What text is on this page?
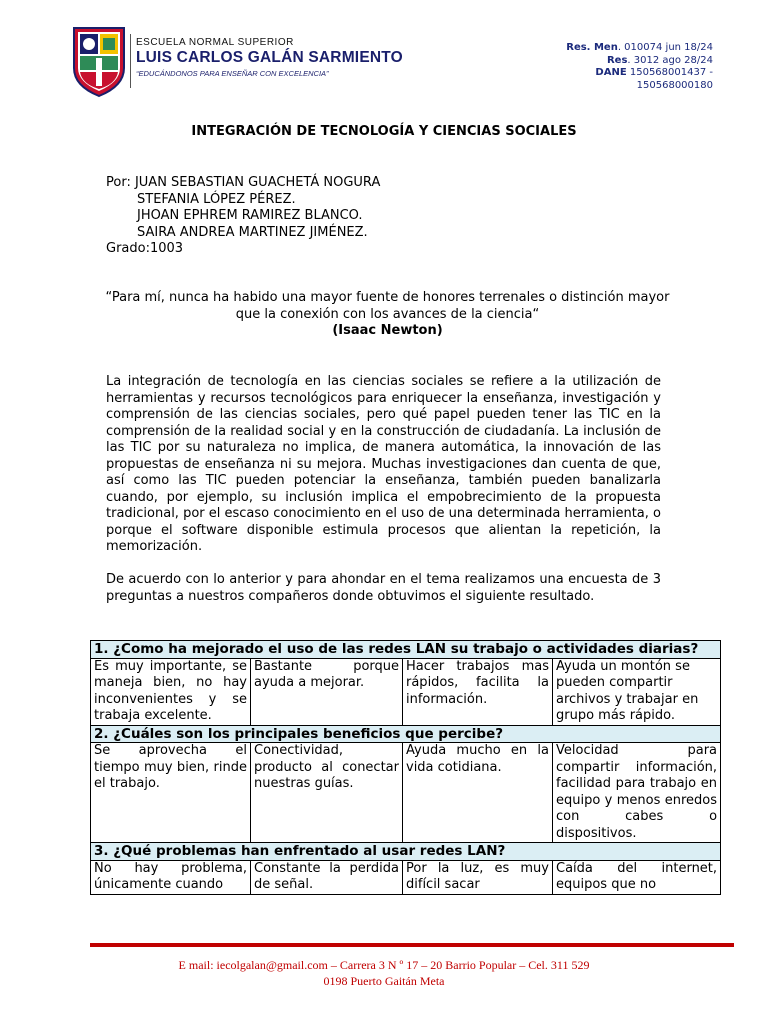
ESCUELA NORMAL SUPERIOR
LUIS CARLOS GALÁN SARMIENTO
“EDUCÁNDONOS PARA ENSEÑAR CON EXCELENCIA”
Res. Men. 010074 jun 18/24
Res. 3012 ago 28/24
DANE 150568001437 -
150568000180
INTEGRACIÓN DE TECNOLOGÍA Y CIENCIAS SOCIALES
Por: JUAN SEBASTIAN GUACHETÁ NOGURA
STEFANIA LÓPEZ PÉREZ.
JHOAN EPHREM RAMIREZ BLANCO.
SAIRA ANDREA MARTINEZ JIMÉNEZ.
Grado:1003
“Para mí, nunca ha habido una mayor fuente de honores terrenales o distinción mayor que la conexión con los avances de la ciencia“
(Isaac Newton)
La integración de tecnología en las ciencias sociales se refiere a la utilización de herramientas y recursos tecnológicos para enriquecer la enseñanza, investigación y comprensión de las ciencias sociales, pero qué papel pueden tener las TIC en la comprensión de la realidad social y en la construcción de ciudadanía. La inclusión de las TIC por su naturaleza no implica, de manera automática, la innovación de las propuestas de enseñanza ni su mejora. Muchas investigaciones dan cuenta de que, así como las TIC pueden potenciar la enseñanza, también pueden banalizarla cuando, por ejemplo, su inclusión implica el empobrecimiento de la propuesta tradicional, por el escaso conocimiento en el uso de una determinada herramienta, o porque el software disponible estimula procesos que alientan la repetición, la memorización.
De acuerdo con lo anterior y para ahondar en el tema realizamos una encuesta de 3 preguntas a nuestros compañeros donde obtuvimos el siguiente resultado.
1. ¿Como ha mejorado el uso de las redes LAN su trabajo o actividades diarias?			
Es muy importante, se maneja bien, no hay inconvenientes y se trabaja excelente.	Bastante porque ayuda a mejorar.	Hacer trabajos mas rápidos, facilita la información.	Ayuda un montón se pueden compartir archivos y trabajar en grupo más rápido.
2. ¿Cuáles son los principales beneficios que percibe?			
Se aprovecha el tiempo muy bien, rinde el trabajo.	Conectividad, producto al conectar nuestras guías.	Ayuda mucho en la vida cotidiana.	Velocidad para compartir información, facilidad para trabajo en equipo y menos enredos con cabes o dispositivos.
3. ¿Qué problemas han enfrentado al usar redes LAN?			
No hay problema, únicamente cuando	Constante la perdida de señal.	Por la luz, es muy difícil sacar	Caída del internet, equipos que no
E mail: iecolgalan@gmail.com – Carrera 3 N º 17 – 20 Barrio Popular – Cel. 311 529
0198 Puerto Gaitán Meta
